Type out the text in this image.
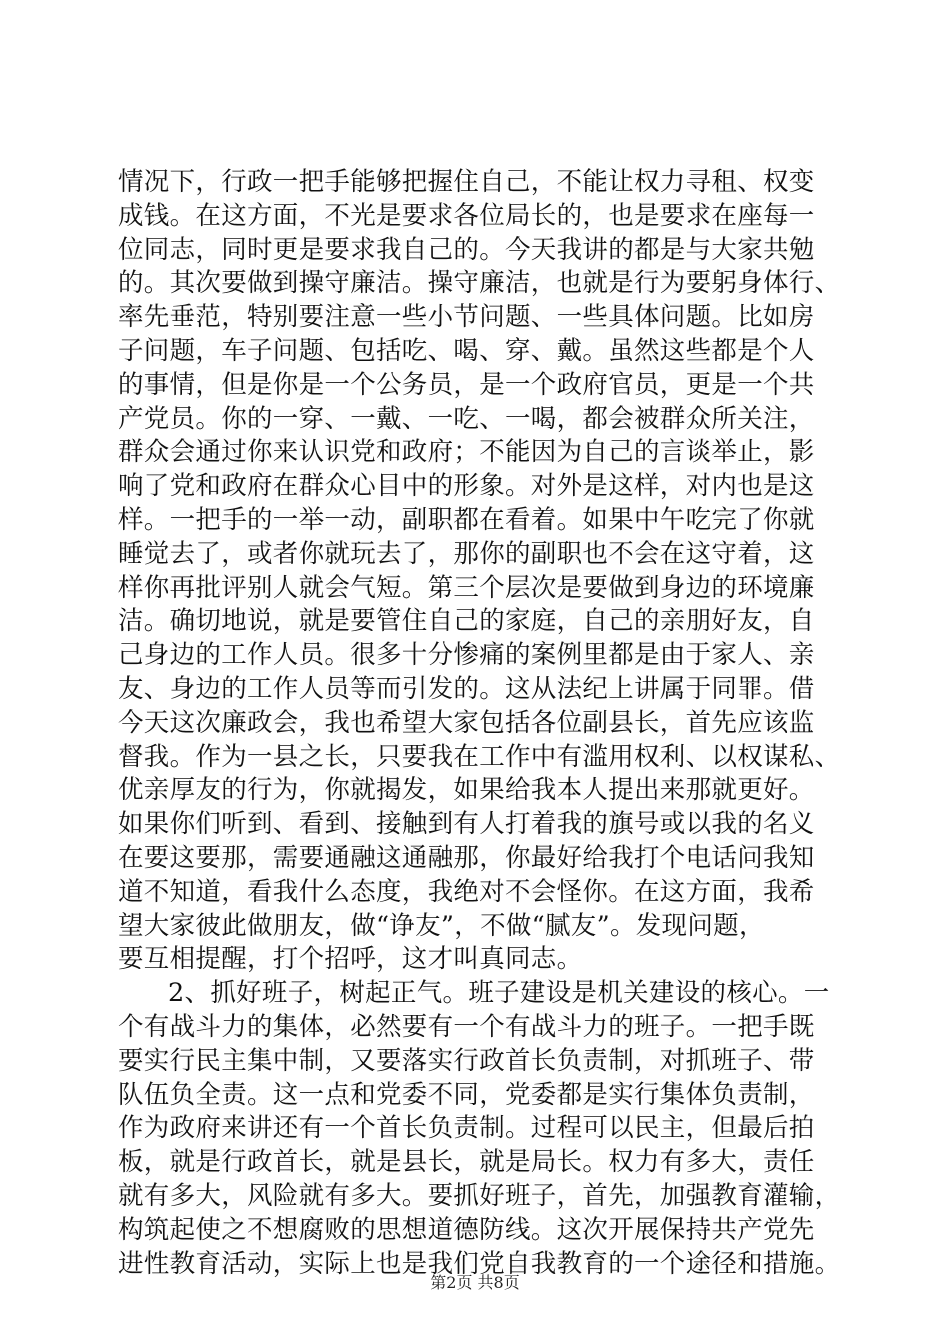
情况下，行政一把手能够把握住自己，不能让权力寻租、权变
成钱。在这方面，不光是要求各位局长的，也是要求在座每一
位同志，同时更是要求我自己的。今天我讲的都是与大家共勉
的。其次要做到操守廉洁。操守廉洁，也就是行为要躬身体行、
率先垂范，特别要注意一些小节问题、一些具体问题。比如房
子问题，车子问题、包括吃、喝、穿、戴。虽然这些都是个人
的事情，但是你是一个公务员，是一个政府官员，更是一个共
产党员。你的一穿、一戴、一吃、一喝，都会被群众所关注，
群众会通过你来认识党和政府；不能因为自己的言谈举止，影
响了党和政府在群众心目中的形象。对外是这样，对内也是这
样。一把手的一举一动，副职都在看着。如果中午吃完了你就
睡觉去了，或者你就玩去了，那你的副职也不会在这守着，这
样你再批评别人就会气短。第三个层次是要做到身边的环境廉
洁。确切地说，就是要管住自己的家庭，自己的亲朋好友，自
己身边的工作人员。很多十分惨痛的案例里都是由于家人、亲
友、身边的工作人员等而引发的。这从法纪上讲属于同罪。借
今天这次廉政会，我也希望大家包括各位副县长，首先应该监
督我。作为一县之长，只要我在工作中有滥用权利、以权谋私、
优亲厚友的行为，你就揭发，如果给我本人提出来那就更好。
如果你们听到、看到、接触到有人打着我的旗号或以我的名义
在要这要那，需要通融这通融那，你最好给我打个电话问我知
道不知道，看我什么态度，我绝对不会怪你。在这方面，我希
望大家彼此做朋友，做“诤友”，不做“腻友”。发现问题，
要互相提醒，打个招呼，这才叫真同志。
2、抓好班子，树起正气。班子建设是机关建设的核心。一
个有战斗力的集体，必然要有一个有战斗力的班子。一把手既
要实行民主集中制，又要落实行政首长负责制，对抓班子、带
队伍负全责。这一点和党委不同，党委都是实行集体负责制，
作为政府来讲还有一个首长负责制。过程可以民主，但最后拍
板，就是行政首长，就是县长，就是局长。权力有多大，责任
就有多大，风险就有多大。要抓好班子，首先，加强教育灌输，
构筑起使之不想腐败的思想道德防线。这次开展保持共产党先
进性教育活动，实际上也是我们党自我教育的一个途径和措施。
第2页 共8页
